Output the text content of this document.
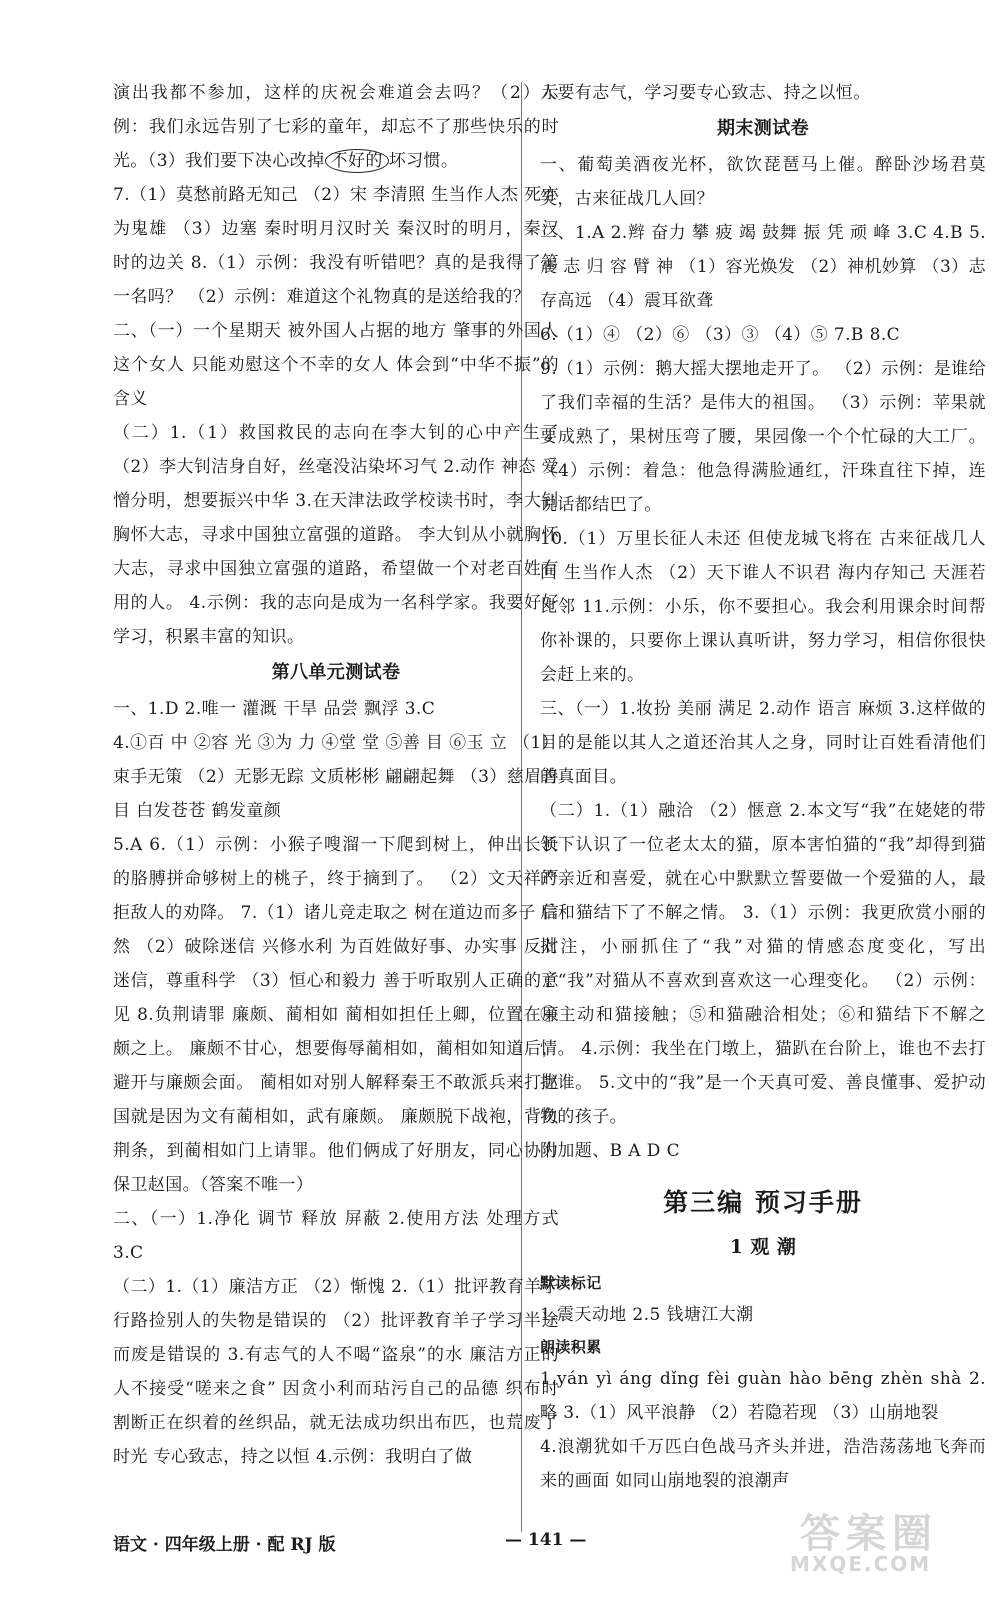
演出我都不参加，这样的庆祝会难道会去吗？（2）示例：我们永远告别了七彩的童年，却忘不了那些快乐的时光。（3）我们要下决心改掉 不好的 坏习惯。

7.（1）莫愁前路无知己 （2）宋 李清照 生当作人杰 死亦为鬼雄 （3）边塞 秦时明月汉时关 秦汉时的明月，秦汉时的边关 8.（1）示例：我没有听错吧？真的是我得了第一名吗？ （2）示例：难道这个礼物真的是送给我的？

二、（一）一个星期天 被外国人占据的地方 肇事的外国人 这个女人 只能劝慰这个不幸的女人 体会到“中华不振”的含义

（二）1.（1）救国救民的志向在李大钊的心中产生了 （2）李大钊洁身自好，丝毫没沾染坏习气 2.动作 神态 爱憎分明，想要振兴中华 3.在天津法政学校读书时，李大钊胸怀大志，寻求中国独立富强的道路。 李大钊从小就胸怀大志，寻求中国独立富强的道路，希望做一个对老百姓有用的人。 4.示例：我的志向是成为一名科学家。我要好好学习，积累丰富的知识。

第八单元测试卷

一、1.D 2.唯一 灌溉 干旱 品尝 飘浮 3.C

4.①百 中 ②容 光 ③为 力 ④堂 堂 ⑤善 目 ⑥玉 立 （1）束手无策 （2）无影无踪 文质彬彬 翩翩起舞 （3）慈眉善目 白发苍苍 鹤发童颜

5.A 6.（1）示例：小猴子嗖溜一下爬到树上，伸出长长的胳膊拼命够树上的桃子，终于摘到了。 （2）文天祥严拒敌人的劝降。 7.（1）诸儿竞走取之 树在道边而多子 信然 （2）破除迷信 兴修水利 为百姓做好事、办实事 反对迷信，尊重科学 （3）恒心和毅力 善于听取别人正确的意见 8.负荆请罪 廉颇、蔺相如 蔺相如担任上卿，位置在廉颇之上。 廉颇不甘心，想要侮辱蔺相如，蔺相如知道后，避开与廉颇会面。 蔺相如对别人解释秦王不敢派兵来打赵国就是因为文有蔺相如，武有廉颇。 廉颇脱下战袍，背负荆条，到蔺相如门上请罪。他们俩成了好朋友，同心协力保卫赵国。（答案不唯一）

二、（一）1.净化 调节 释放 屏蔽 2.使用方法 处理方式 3.C

（二）1.（1）廉洁方正 （2）惭愧 2.（1）批评教育羊子行路捡别人的失物是错误的 （2）批评教育羊子学习半途而废是错误的 3.有志气的人不喝“盗泉”的水 廉洁方正的人不接受“嗟来之食” 因贪小利而玷污自己的品德 织布时割断正在织着的丝织品，就无法成功织出布匹，也荒废了时光 专心致志，持之以恒 4.示例：我明白了做

人要有志气，学习要专心致志、持之以恒。

期末测试卷

一、葡萄美酒夜光杯，欲饮琵琶马上催。醉卧沙场君莫笑，古来征战几人回？

二、1.A 2.辫 奋力 攀 疲 竭 鼓舞 振 凭 顽 峰 3.C 4.B 5.震 志 归 容 臂 神 （1）容光焕发 （2）神机妙算 （3）志存高远 （4）震耳欲聋

6.（1）④ （2）⑥ （3）③ （4）⑤ 7.B 8.C

9.（1）示例：鹅大摇大摆地走开了。 （2）示例：是谁给了我们幸福的生活？是伟大的祖国。 （3）示例：苹果就要成熟了，果树压弯了腰，果园像一个个忙碌的大工厂。 （4）示例：着急：他急得满脸通红，汗珠直往下掉，连说话都结巴了。

10.（1）万里长征人未还 但使龙城飞将在 古来征战几人回 生当作人杰 （2）天下谁人不识君 海内存知己 天涯若比邻 11.示例：小乐，你不要担心。我会利用课余时间帮你补课的，只要你上课认真听讲，努力学习，相信你很快会赶上来的。

三、（一）1.妆扮 美丽 满足 2.动作 语言 麻烦 3.这样做的目的是能以其人之道还治其人之身，同时让百姓看清他们的真面目。

（二）1.（1）融洽 （2）惬意 2.本文写“我”在姥姥的带领下认识了一位老太太的猫，原本害怕猫的“我”却得到猫的亲近和喜爱，就在心中默默立誓要做一个爱猫的人，最后和猫结下了不解之情。 3.（1）示例：我更欣赏小丽的批注，小丽抓住了“我”对猫的情感态度变化，写出了“我”对猫从不喜欢到喜欢这一心理变化。 （2）示例：④主动和猫接触；⑤和猫融洽相处；⑥和猫结下不解之情。 4.示例：我坐在门墩上，猫趴在台阶上，谁也不去打扰谁。 5.文中的“我”是一个天真可爱、善良懂事、爱护动物的孩子。

附加题、B A D C

第三编 预习手册
1 观 潮
默读标记

1.震天动地 2.5 钱塘江大潮

朗读积累

1.yán yì áng dǐng fèi guàn hào bēng zhèn shà 2.略 3.（1）风平浪静 （2）若隐若现 （3）山崩地裂

4.浪潮犹如千万匹白色战马齐头并进，浩浩荡荡地飞奔而来的画面 如同山崩地裂的浪潮声

语文 · 四年级上册 · 配 RJ 版	— 141 —	答案圈
MXQE.COM
